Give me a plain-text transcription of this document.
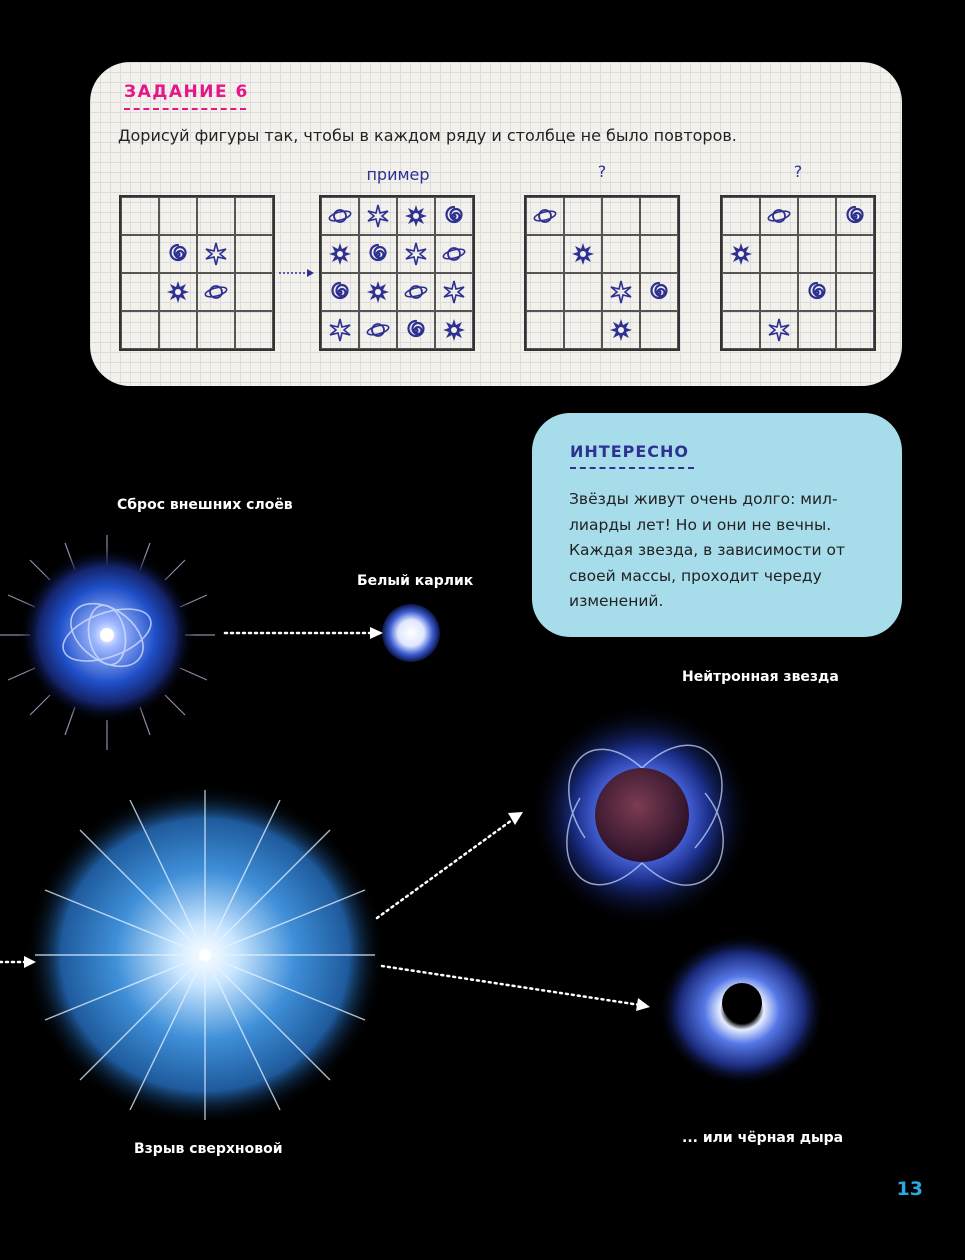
ЗАДАНИЕ 6
Дорисуй фигуры так, чтобы в каждом ряду и столбце не было повторов.
пример	?	?
ИНТЕРЕСНО
Звёзды живут очень долго: мил-
лиарды лет! Но и они не вечны.
Каждая звезда, в зависимости от
своей массы, проходит череду
изменений.
Сброс внешних слоёв
Белый карлик
Нейтронная звезда
Взрыв сверхновой
... или чёрная дыра
13
